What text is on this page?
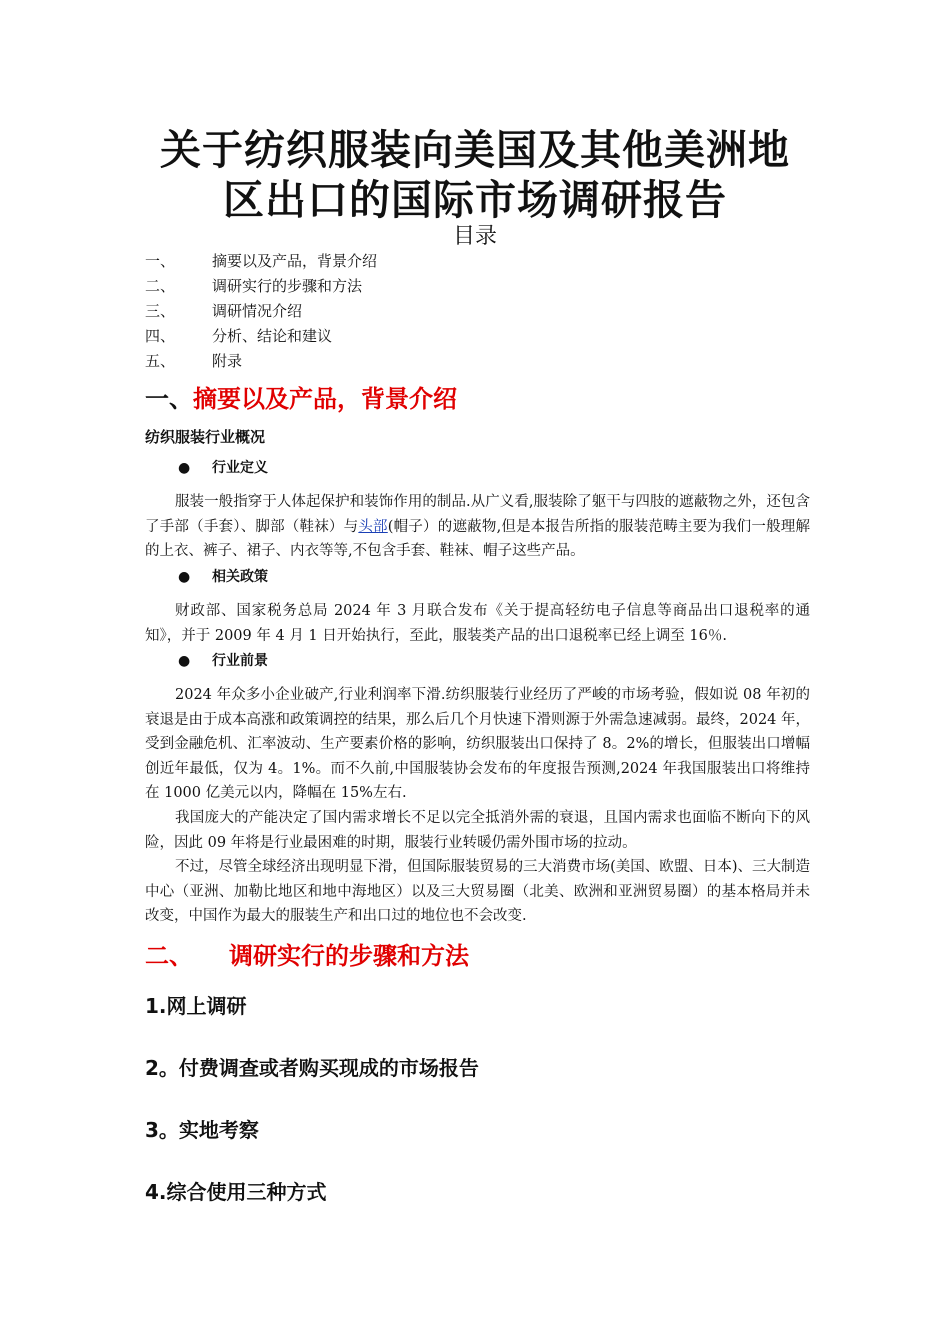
关于纺织服装向美国及其他美洲地
区出口的国际市场调研报告
目录
一、 摘要以及产品，背景介绍
二、 调研实行的步骤和方法
三、 调研情况介绍
四、 分析、结论和建议
五、 附录
一、摘要以及产品，背景介绍
纺织服装行业概况
● 行业定义
服装一般指穿于人体起保护和装饰作用的制品.从广义看,服装除了躯干与四肢的遮蔽物之外，还包含了手部（手套）、脚部（鞋袜）与头部(帽子）的遮蔽物,但是本报告所指的服装范畴主要为我们一般理解的上衣、裤子、裙子、内衣等等,不包含手套、鞋袜、帽子这些产品。
● 相关政策
财政部、国家税务总局 2024 年 3 月联合发布《关于提高轻纺电子信息等商品出口退税率的通知》，并于 2009 年 4 月 1 日开始执行，至此，服装类产品的出口退税率已经上调至 16％.
● 行业前景
2024 年众多小企业破产,行业利润率下滑.纺织服装行业经历了严峻的市场考验，假如说 08 年初的衰退是由于成本高涨和政策调控的结果，那么后几个月快速下滑则源于外需急速减弱。最终，2024 年，受到金融危机、汇率波动、生产要素价格的影响，纺织服装出口保持了 8。2%的增长，但服装出口增幅创近年最低，仅为 4。1%。而不久前,中国服装协会发布的年度报告预测,2024 年我国服装出口将维持在 1000 亿美元以内，降幅在 15%左右.
我国庞大的产能决定了国内需求增长不足以完全抵消外需的衰退，且国内需求也面临不断向下的风险，因此 09 年将是行业最困难的时期，服装行业转暖仍需外围市场的拉动。
不过，尽管全球经济出现明显下滑，但国际服装贸易的三大消费市场(美国、欧盟、日本)、三大制造中心（亚洲、加勒比地区和地中海地区）以及三大贸易圈（北美、欧洲和亚洲贸易圈）的基本格局并未改变，中国作为最大的服装生产和出口过的地位也不会改变.
二、 调研实行的步骤和方法
1.网上调研
2。付费调查或者购买现成的市场报告
3。实地考察
4.综合使用三种方式
